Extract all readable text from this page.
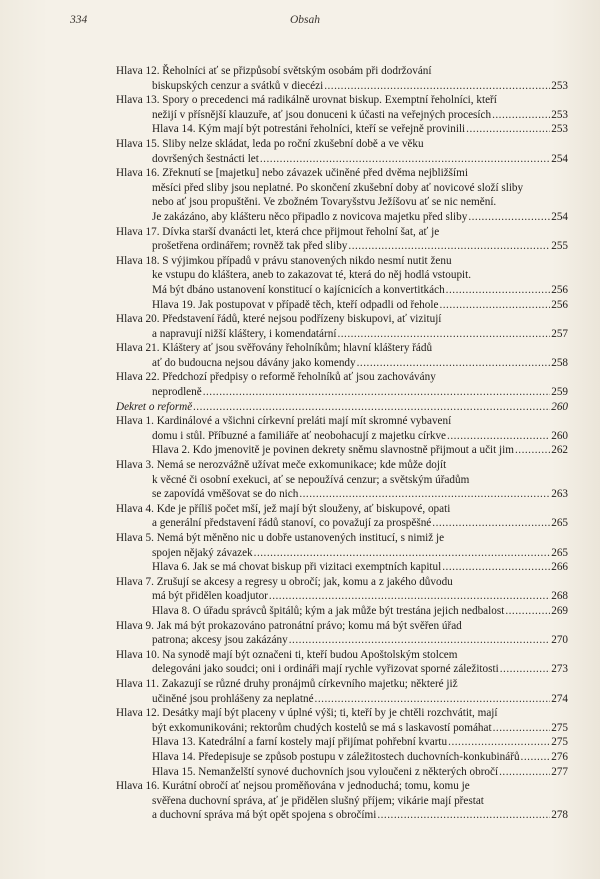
334	Obsah
Hlava 12. Řeholníci ať se přizpůsobí světským osobám při dodržování
biskupských cenzur a svátků v diecézi .....	253
Hlava 13. Spory o precedenci má radikálně urovnat biskup. Exemptní řeholníci, kteří
nežijí v přísnější klauzuře, ať jsou donuceni k účasti na veřejných procesích .....	253
Hlava 14. Kým mají být potrestáni řeholníci, kteří se veřejně provinili .....	253
Hlava 15. Sliby nelze skládat, leda po roční zkušební době a ve věku
dovršených šestnácti let .....	254
Hlava 16. Zřeknutí se [majetku] nebo závazek učiněné před dvěma nejbližšími
měsíci před sliby jsou neplatné. Po skončení zkušební doby ať novicové složí sliby
nebo ať jsou propuštěni. Ve zbožném Tovaryšstvu Ježíšovu ať se nic nemění.
Je zakázáno, aby klášteru něco připadlo z novicova majetku před sliby .....	254
Hlava 17. Dívka starší dvanácti let, která chce přijmout řeholní šat, ať je
prošetřena ordinářem; rovněž tak před sliby .....	255
Hlava 18. S výjimkou případů v právu stanovených nikdo nesmí nutit ženu
ke vstupu do kláštera, aneb to zakazovat té, která do něj hodlá vstoupit.
Má být dbáno ustanovení konstitucí o kajícnicích a konvertitkách .....	256
Hlava 19. Jak postupovat v případě těch, kteří odpadli od řehole .....	256
Hlava 20. Představení řádů, které nejsou podřízeny biskupovi, ať vizitují
a napravují nižší kláštery, i komendatární .....	257
Hlava 21. Kláštery ať jsou svěřovány řeholníkům; hlavní kláštery řádů
ať do budoucna nejsou dávány jako komendy .....	258
Hlava 22. Předchozí předpisy o reformě řeholníků ať jsou zachovávány
neprodleně .....	259
Dekret o reformě .....	260
Hlava 1. Kardinálové a všichni církevní preláti mají mít skromné vybavení
domu i stůl. Příbuzné a familiáře ať neobohacují z majetku církve .....	260
Hlava 2. Kdo jmenovitě je povinen dekrety sněmu slavnostně přijmout a učit jim .....	262
Hlava 3. Nemá se nerozvážně užívat meče exkomunikace; kde může dojít
k věcné či osobní exekuci, ať se nepoužívá cenzur; a světským úřadům
se zapovídá vměšovat se do nich .....	263
Hlava 4. Kde je příliš počet mší, jež mají být slouženy, ať biskupové, opati
a generální představení řádů stanoví, co považují za prospěšné .....	265
Hlava 5. Nemá být měněno nic u dobře ustanovených institucí, s nimiž je
spojen nějaký závazek .....	265
Hlava 6. Jak se má chovat biskup při vizitaci exemptních kapitul .....	266
Hlava 7. Zrušují se akcesy a regresy u obročí; jak, komu a z jakého důvodu
má být přidělen koadjutor .....	268
Hlava 8. O úřadu správců špitálů; kým a jak může být trestána jejich nedbalost .....	269
Hlava 9. Jak má být prokazováno patronátní právo; komu má být svěřen úřad
patrona; akcesy jsou zakázány .....	270
Hlava 10. Na synodě mají být označeni ti, kteří budou Apoštolským stolcem
delegováni jako soudci; oni i ordináři mají rychle vyřizovat sporné záležitosti .....	273
Hlava 11. Zakazují se různé druhy pronájmů církevního majetku; některé již
učiněné jsou prohlášeny za neplatné .....	274
Hlava 12. Desátky mají být placeny v úplné výši; ti, kteří by je chtěli rozchvátit, mají
být exkomunikováni; rektorům chudých kostelů se má s laskavostí pomáhat .....	275
Hlava 13. Katedrální a farní kostely mají přijímat pohřební kvartu .....	275
Hlava 14. Předepisuje se způsob postupu v záležitostech duchovních-konkubinářů .....	276
Hlava 15. Nemanželští synové duchovních jsou vyloučeni z některých obročí .....	277
Hlava 16. Kurátní obročí ať nejsou proměňována v jednoduchá; tomu, komu je
svěřena duchovní správa, ať je přidělen slušný příjem; vikárie mají přestat
a duchovní správa má být opět spojena s obročími .....	278
